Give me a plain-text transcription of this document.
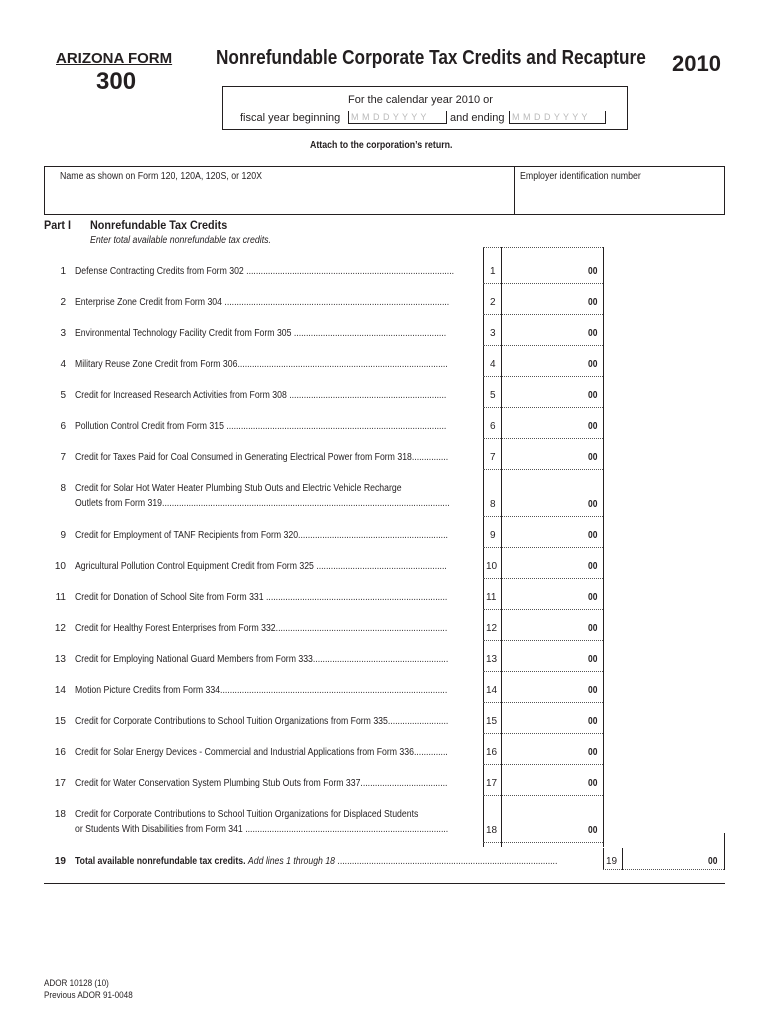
ARIZONA FORM
300
Nonrefundable Corporate Tax Credits and Recapture 2010
For the calendar year 2010 or
fiscal year beginning	M M D D Y Y Y Y	and ending M M D D Y Y Y Y	.
Attach to the corporation’s return.
Name as shown on Form 120, 120A, 120S, or 120X	Employer identification number
Part I Nonrefundable Tax Credits
Enter total available nonrefundable tax credits.
1 Defense Contracting Credits from Form 302 ......................................................................................	1	00
2 Enterprise Zone Credit from Form 304 .............................................................................................	2	00
3 Environmental Technology Facility Credit from Form 305 ...............................................................	3	00
4 Military Reuse Zone Credit from Form 306.......................................................................................	4	00
5 Credit for Increased Research Activities from Form 308 .................................................................	5	00
6 Pollution Control Credit from Form 315 ...........................................................................................	6	00
7 Credit for Taxes Paid for Coal Consumed in Generating Electrical Power from Form 318...............	7	00
8 Credit for Solar Hot Water Heater Plumbing Stub Outs and Electric Vehicle Recharge
Outlets from Form 319.......................................................................................................................	8	00
9 Credit for Employment of TANF Recipients from Form 320..............................................................	9	00
10 Agricultural Pollution Control Equipment Credit from Form 325 ......................................................	10	00
11 Credit for Donation of School Site from Form 331 ...........................................................................	11	00
12 Credit for Healthy Forest Enterprises from Form 332.......................................................................	12	00
13 Credit for Employing National Guard Members from Form 333........................................................	13	00
14 Motion Picture Credits from Form 334..............................................................................................	14	00
15 Credit for Corporate Contributions to School Tuition Organizations from Form 335.........................	15	00
16 Credit for Solar Energy Devices - Commercial and Industrial Applications from Form 336..............	16	00
17 Credit for Water Conservation System Plumbing Stub Outs from Form 337....................................	17	00
18 Credit for Corporate Contributions to School Tuition Organizations for Displaced Students
or Students With Disabilities from Form 341 ....................................................................................	18	00
19 Total available nonrefundable tax credits. Add lines 1 through 18 ...........................................................................................	19	00
ADOR 10128 (10)
Previous ADOR 91-0048
